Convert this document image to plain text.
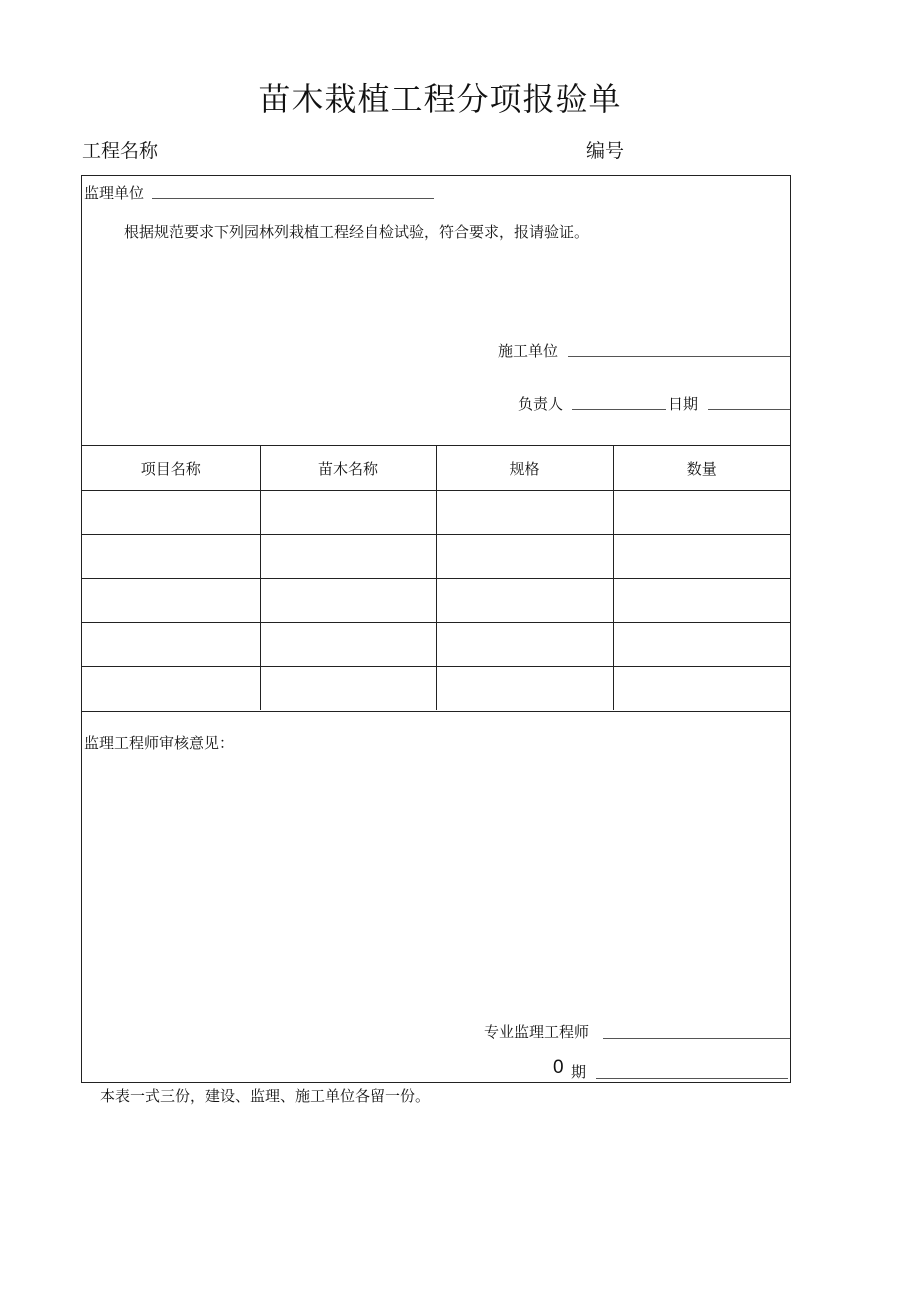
苗木栽植工程分项报验单
工程名称	编号
监理单位
根据规范要求下列园林列栽植工程经自检试验，符合要求，报请验证。
施工单位
负责人	日期
项目名称	苗木名称	规格	数量

监理工程师审核意见：
专业监理工程师
0 期
本表一式三份，建设、监理、施工单位各留一份。
